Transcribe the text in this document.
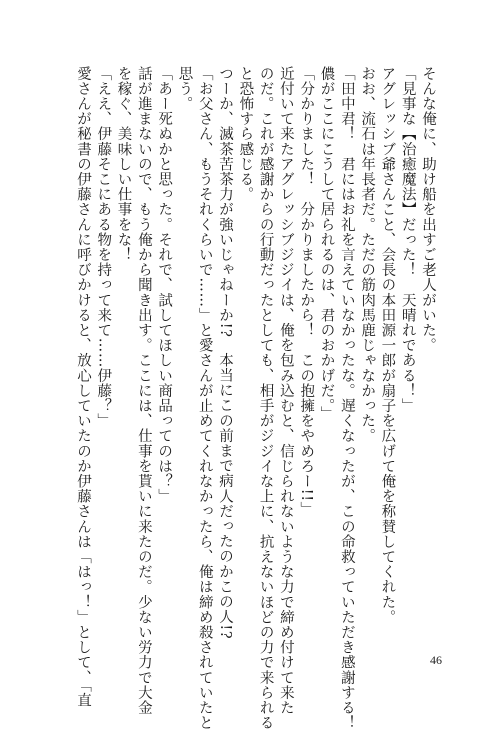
そんな俺に、助け船を出すご老人がいた。
「見事な【治癒魔法】だった！　天晴れである！」
アグレッシブ爺さんこと、会長の本田源一郎が扇子を広げて俺を称賛してくれた。
おお、流石は年長者だ。ただの筋肉馬鹿じゃなかった。
「田中君！　君にはお礼を言えていなかったな。遅くなったが、この命救っていただき感謝する！
儂がここにこうして居られるのは、君のおかげだ。」
「分かりました！　分かりましたから！　この抱擁をやめろー!!」
近付いて来たアグレッシブジジイは、俺を包み込むと、信じられないような力で締め付けて来た
のだ。これが感謝からの行動だったとしても、相手がジジイな上に、抗えないほどの力で来られる
と恐怖すら感じる。
つーか、滅茶苦茶力が強いじゃねーか!?　本当にこの前まで病人だったのかこの人!?
「お父さん、もうそれくらいで……」と愛さんが止めてくれなかったら、俺は締め殺されていたと
思う。
「あー死ぬかと思った。それで、試してほしい商品ってのは？」
話が進まないので、もう俺から聞き出す。ここには、仕事を貰いに来たのだ。少ない労力で大金
を稼ぐ、美味しい仕事をな！
「ええ、伊藤そこにある物を持って来て……伊藤？」
愛さんが秘書の伊藤さんに呼びかけると、放心していたのか伊藤さんは「はっ！」として、「直	46
